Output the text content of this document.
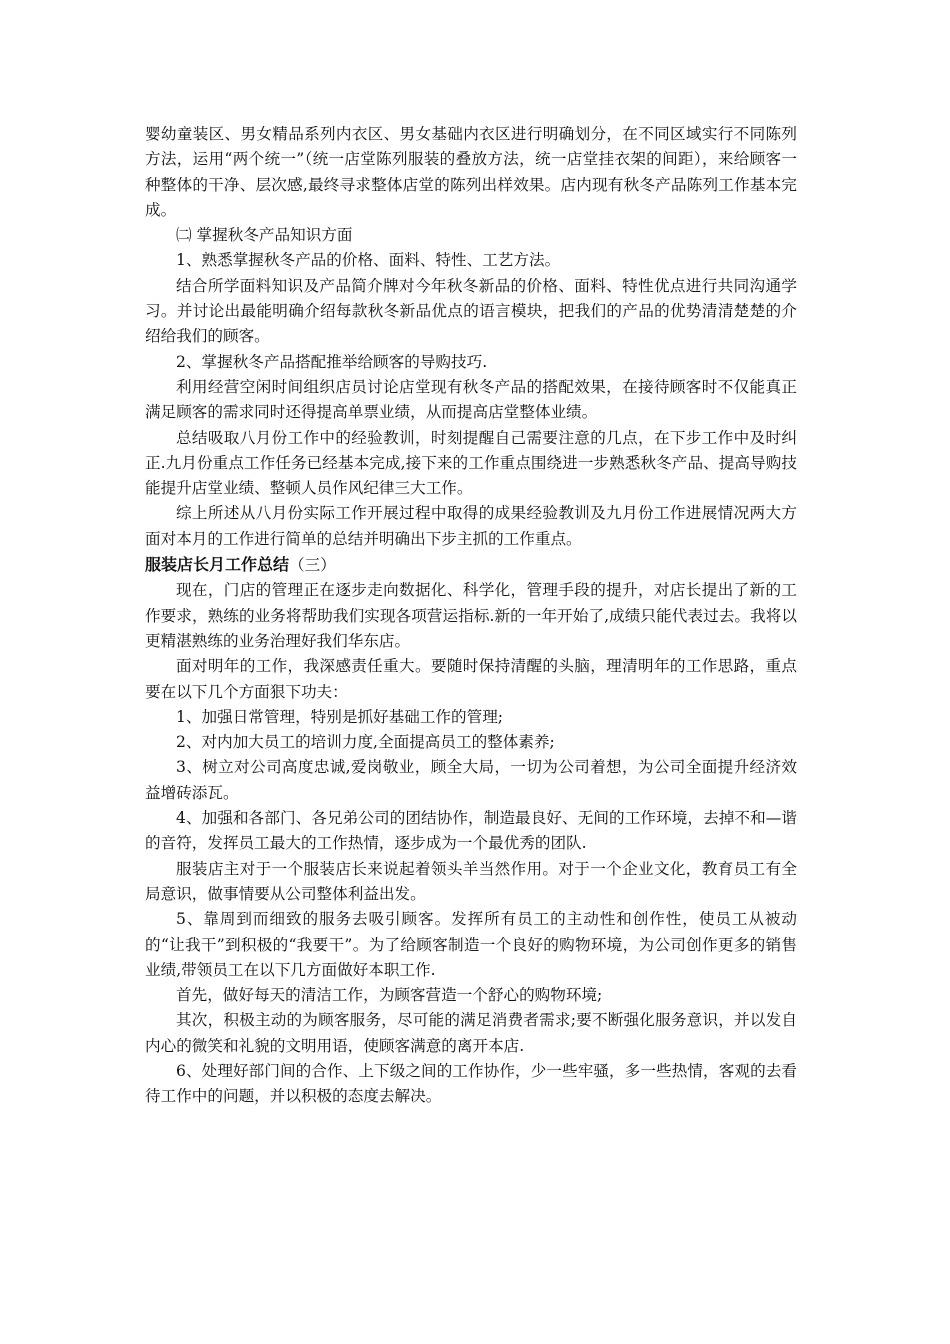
婴幼童装区、男女精品系列内衣区、男女基础内衣区进行明确划分，在不同区域实行不同陈列方法，运用“两个统一”（统一店堂陈列服装的叠放方法，统一店堂挂衣架的间距），来给顾客一种整体的干净、层次感,最终寻求整体店堂的陈列出样效果。店内现有秋冬产品陈列工作基本完成。

㈡ 掌握秋冬产品知识方面

1、熟悉掌握秋冬产品的价格、面料、特性、工艺方法。

结合所学面料知识及产品简介牌对今年秋冬新品的价格、面料、特性优点进行共同沟通学习。并讨论出最能明确介绍每款秋冬新品优点的语言模块，把我们的产品的优势清清楚楚的介绍给我们的顾客。

2、掌握秋冬产品搭配推举给顾客的导购技巧.

利用经营空闲时间组织店员讨论店堂现有秋冬产品的搭配效果，在接待顾客时不仅能真正满足顾客的需求同时还得提高单票业绩，从而提高店堂整体业绩。

总结吸取八月份工作中的经验教训，时刻提醒自己需要注意的几点，在下步工作中及时纠正.九月份重点工作任务已经基本完成,接下来的工作重点围绕进一步熟悉秋冬产品、提高导购技能提升店堂业绩、整顿人员作风纪律三大工作。

综上所述从八月份实际工作开展过程中取得的成果经验教训及九月份工作进展情况两大方面对本月的工作进行简单的总结并明确出下步主抓的工作重点。

服装店长月工作总结（三）

现在，门店的管理正在逐步走向数据化、科学化，管理手段的提升，对店长提出了新的工作要求，熟练的业务将帮助我们实现各项营运指标.新的一年开始了,成绩只能代表过去。我将以更精湛熟练的业务治理好我们华东店。

面对明年的工作，我深感责任重大。要随时保持清醒的头脑，理清明年的工作思路，重点要在以下几个方面狠下功夫：

1、加强日常管理，特别是抓好基础工作的管理;

2、对内加大员工的培训力度,全面提高员工的整体素养;

3、树立对公司高度忠诚,爱岗敬业，顾全大局，一切为公司着想，为公司全面提升经济效益增砖添瓦。

4、加强和各部门、各兄弟公司的团结协作，制造最良好、无间的工作环境，去掉不和—谐的音符，发挥员工最大的工作热情，逐步成为一个最优秀的团队.

服装店主对于一个服装店长来说起着领头羊当然作用。对于一个企业文化，教育员工有全局意识，做事情要从公司整体利益出发。

5、靠周到而细致的服务去吸引顾客。发挥所有员工的主动性和创作性，使员工从被动的“让我干”到积极的“我要干”。为了给顾客制造一个良好的购物环境，为公司创作更多的销售业绩,带领员工在以下几方面做好本职工作.

首先，做好每天的清洁工作，为顾客营造一个舒心的购物环境;

其次，积极主动的为顾客服务，尽可能的满足消费者需求;要不断强化服务意识，并以发自内心的微笑和礼貌的文明用语，使顾客满意的离开本店.

6、处理好部门间的合作、上下级之间的工作协作，少一些牢骚，多一些热情，客观的去看待工作中的问题，并以积极的态度去解决。
